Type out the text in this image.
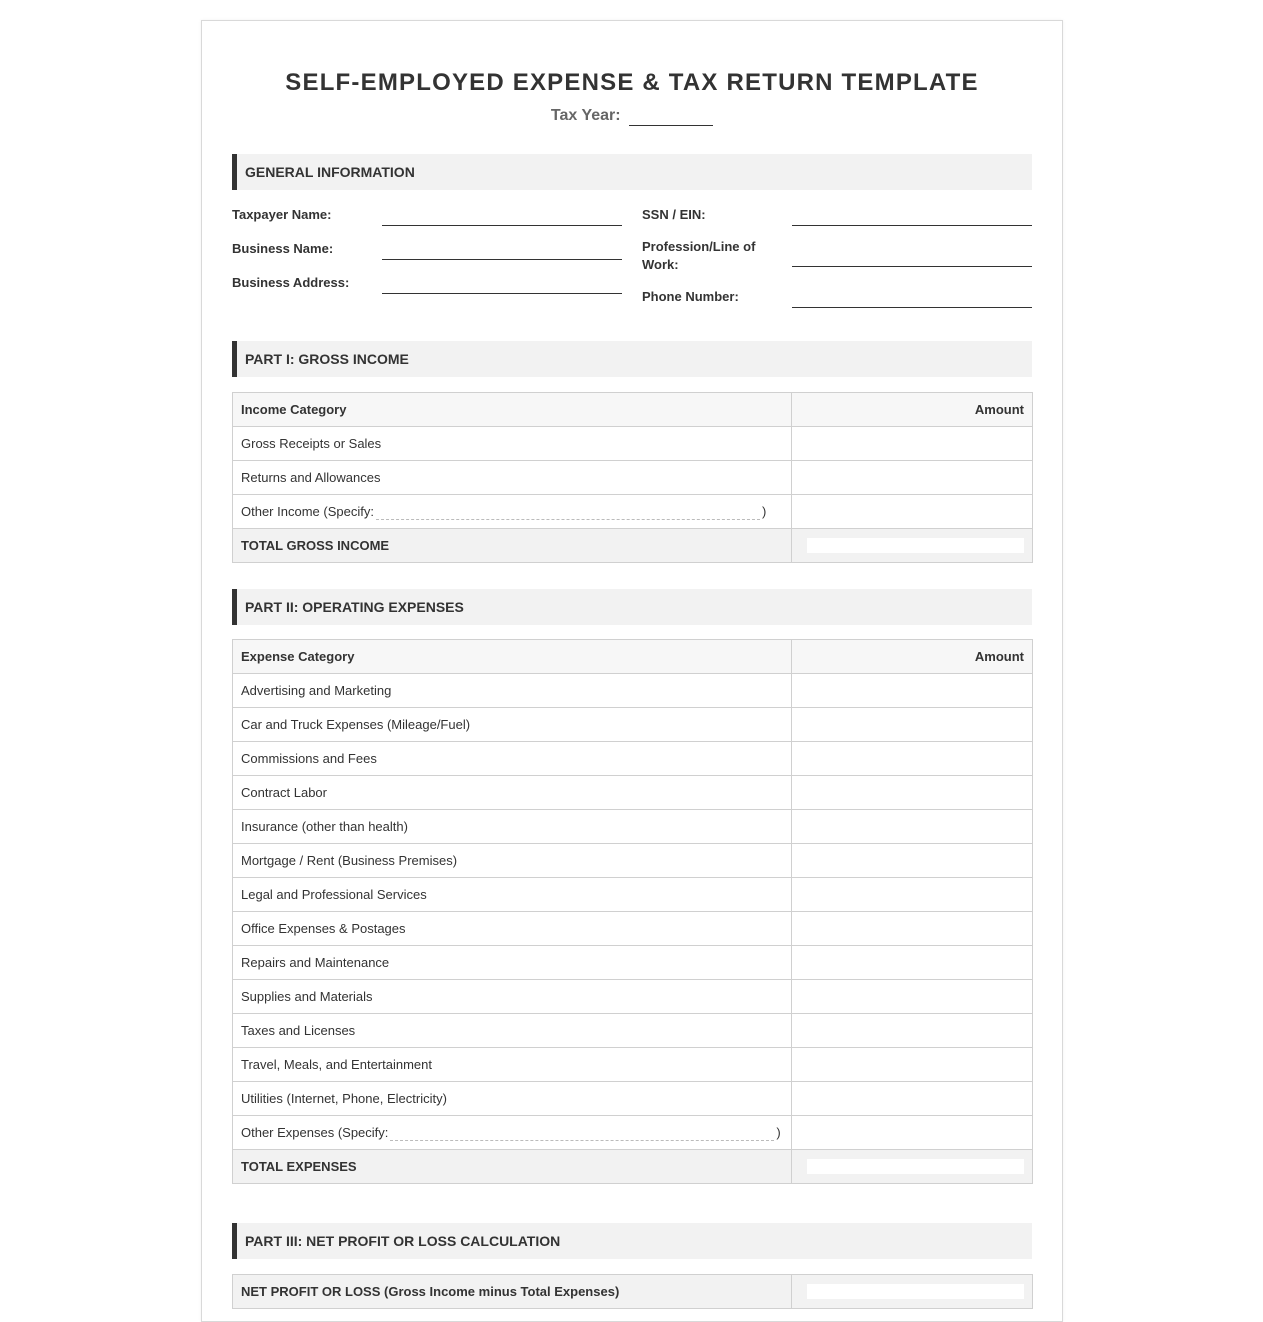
SELF-EMPLOYED EXPENSE & TAX RETURN TEMPLATE
Tax Year:
GENERAL INFORMATION
Taxpayer Name:
Business Name:
Business Address:
SSN / EIN:
Profession/Line of Work:
Phone Number:
PART I: GROSS INCOME
Income Category	Amount
Gross Receipts or Sales	
Returns and Allowances	
Other Income (Specify: )	
TOTAL GROSS INCOME	
PART II: OPERATING EXPENSES
Expense Category	Amount
Advertising and Marketing	
Car and Truck Expenses (Mileage/Fuel)	
Commissions and Fees	
Contract Labor	
Insurance (other than health)	
Mortgage / Rent (Business Premises)	
Legal and Professional Services	
Office Expenses & Postages	
Repairs and Maintenance	
Supplies and Materials	
Taxes and Licenses	
Travel, Meals, and Entertainment	
Utilities (Internet, Phone, Electricity)	
Other Expenses (Specify: )	
TOTAL EXPENSES	
PART III: NET PROFIT OR LOSS CALCULATION
NET PROFIT OR LOSS (Gross Income minus Total Expenses)	
